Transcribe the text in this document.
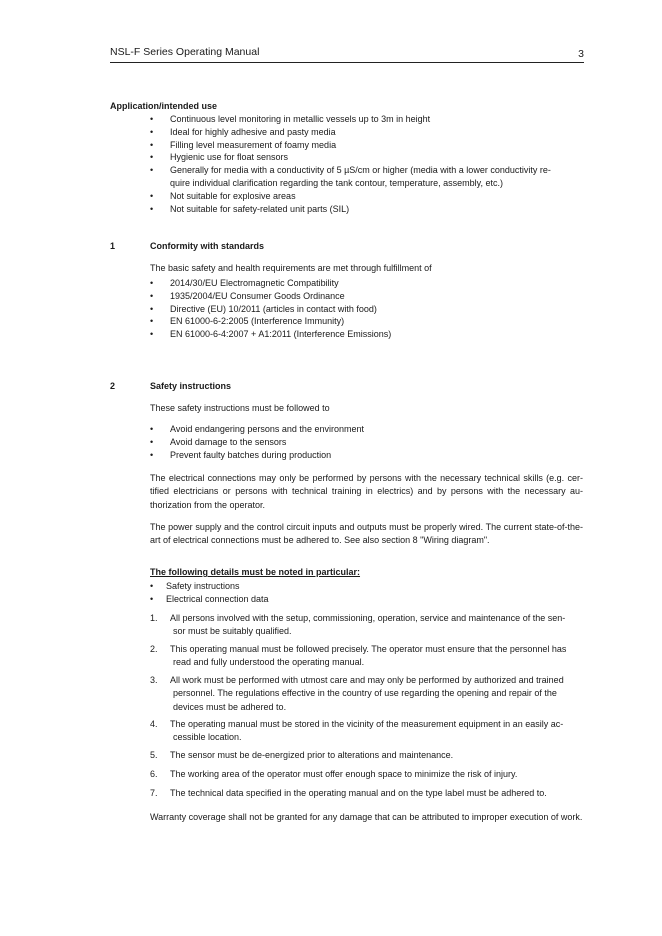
NSL-F Series Operating Manual	3
Application/intended use
• Continuous level monitoring in metallic vessels up to 3m in height
• Ideal for highly adhesive and pasty media
• Filling level measurement of foamy media
• Hygienic use for float sensors
• Generally for media with a conductivity of 5 µS/cm or higher (media with a lower conductivity re-
quire individual clarification regarding the tank contour, temperature, assembly, etc.)
• Not suitable for explosive areas
• Not suitable for safety-related unit parts (SIL)
1	Conformity with standards
The basic safety and health requirements are met through fulfillment of
• 2014/30/EU Electromagnetic Compatibility
• 1935/2004/EU Consumer Goods Ordinance
• Directive (EU) 10/2011 (articles in contact with food)
• EN 61000-6-2:2005 (Interference Immunity)
• EN 61000-6-4:2007 + A1:2011 (Interference Emissions)
2	Safety instructions
These safety instructions must be followed to
• Avoid endangering persons and the environment
• Avoid damage to the sensors
• Prevent faulty batches during production
The electrical connections may only be performed by persons with the necessary technical skills (e.g. cer-tified electricians or persons with technical training in electrics) and by persons with the necessary au-thorization from the operator.
The power supply and the control circuit inputs and outputs must be properly wired. The current state-of-the-art of electrical connections must be adhered to. See also section 8 "Wiring diagram".
The following details must be noted in particular:
• Safety instructions
• Electrical connection data
1.	All persons involved with the setup, commissioning, operation, service and maintenance of the sen-
sor must be suitably qualified.
2.	This operating manual must be followed precisely. The operator must ensure that the personnel has
read and fully understood the operating manual.
3.	All work must be performed with utmost care and may only be performed by authorized and trained
personnel. The regulations effective in the country of use regarding the opening and repair of the
devices must be adhered to.
4.	The operating manual must be stored in the vicinity of the measurement equipment in an easily ac-
cessible location.
5.	The sensor must be de-energized prior to alterations and maintenance.
6.	The working area of the operator must offer enough space to minimize the risk of injury.
7.	The technical data specified in the operating manual and on the type label must be adhered to.
Warranty coverage shall not be granted for any damage that can be attributed to improper execution of work.
